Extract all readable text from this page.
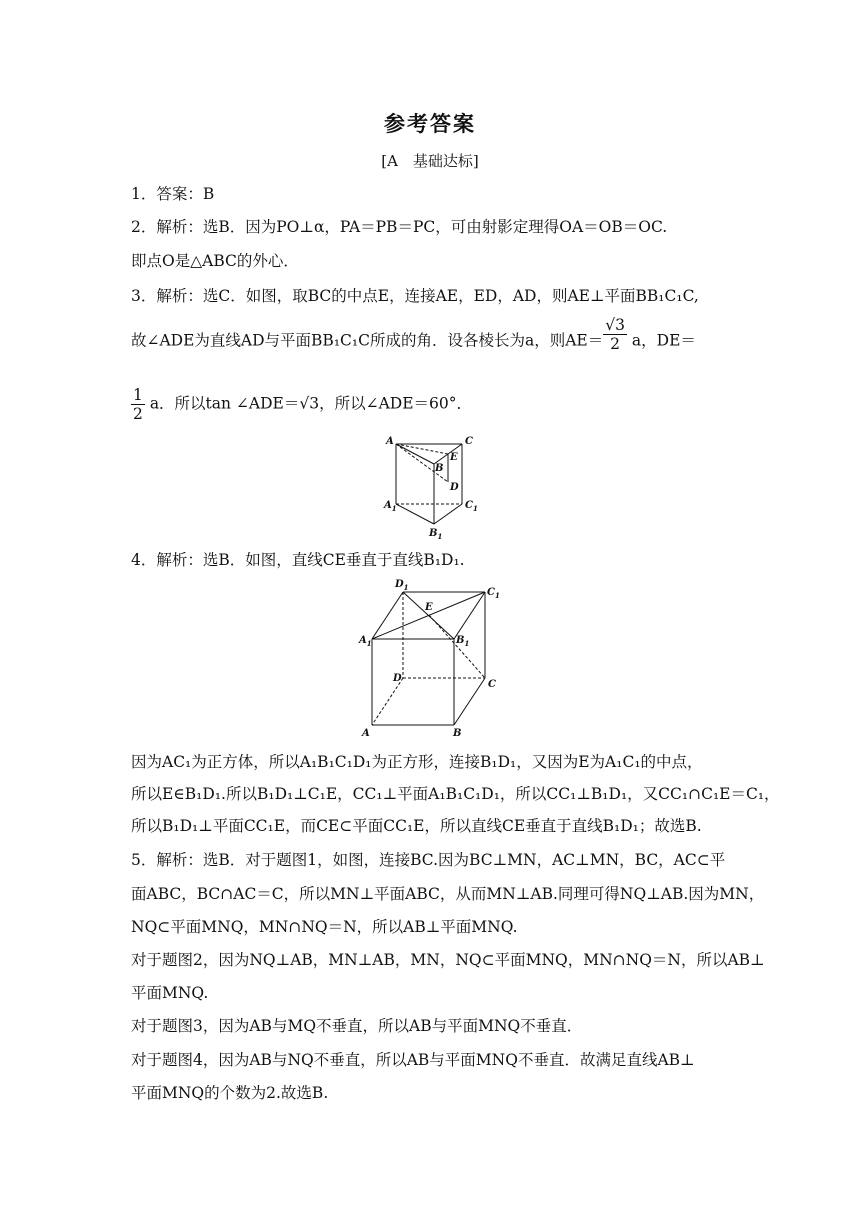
参考答案
[A　基础达标]
1．答案：B
2．解析：选B．因为PO⊥α，PA＝PB＝PC，可由射影定理得OA＝OB＝OC.
即点O是△ABC的外心．
3．解析：选C．如图，取BC的中点E，连接AE，ED，AD，则AE⊥平面BB₁C₁C,
故∠ADE为直线AD与平面BB₁C₁C所成的角．设各棱长为a，则$AE= \frac{√3}{2}$ a，DE＝
$\frac{1}{2}$ a．所以tan ∠ADE＝√3，所以∠ADE＝60°．
A	C
B
E
D
$A_1$	$C_1$
$B_1$
4．解析：选B．如图，直线CE垂直于直线B₁D₁.
$D_1$	$C_1$
E
$A_1$	$B_1$
D
C
A	B
因为AC₁为正方体，所以A₁B₁C₁D₁为正方形，连接B₁D₁，又因为E为A₁C₁的中点，
所以E∈B₁D₁.所以B₁D₁⊥C₁E，CC₁⊥平面A₁B₁C₁D₁，所以CC₁⊥B₁D₁，又CC₁∩C₁E＝C₁，
所以B₁D₁⊥平面CC₁E，而CE⊂平面CC₁E，所以直线CE垂直于直线B₁D₁；故选B.
5．解析：选B．对于题图1，如图，连接BC.因为BC⊥MN，AC⊥MN，BC，AC⊂平
面ABC，BC∩AC＝C，所以MN⊥平面ABC，从而MN⊥AB.同理可得NQ⊥AB.因为MN，
NQ⊂平面MNQ，MN∩NQ＝N，所以AB⊥平面MNQ.
对于题图2，因为NQ⊥AB，MN⊥AB，MN，NQ⊂平面MNQ，MN∩NQ＝N，所以AB⊥
平面MNQ.
对于题图3，因为AB与MQ不垂直，所以AB与平面MNQ不垂直．
对于题图4，因为AB与NQ不垂直，所以AB与平面MNQ不垂直．故满足直线AB⊥
平面MNQ的个数为2.故选B.
